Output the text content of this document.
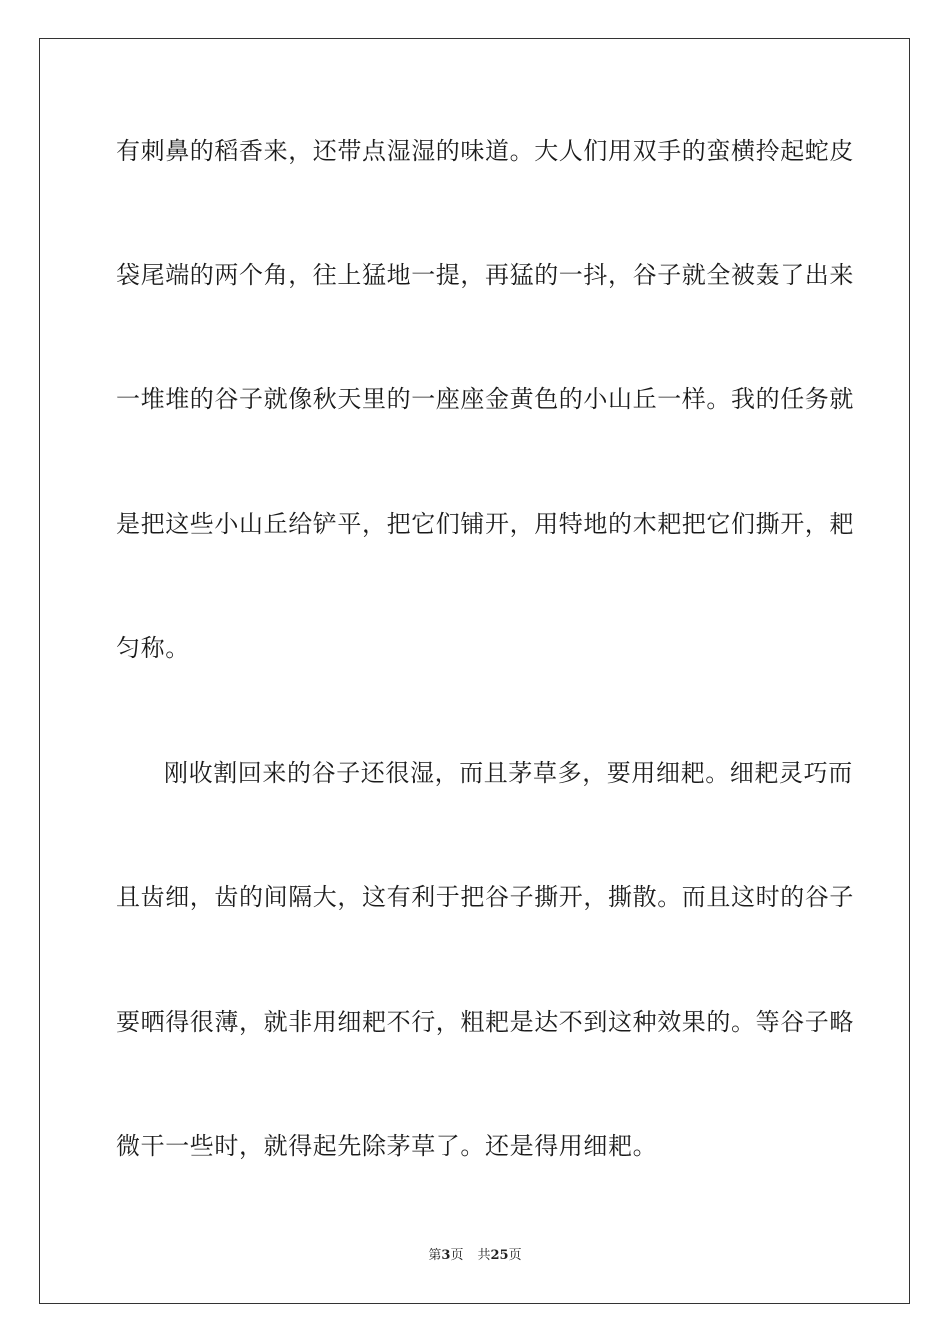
有刺鼻的稻香来，还带点湿湿的味道。大人们用双手的蛮横拎起蛇皮
袋尾端的两个角，往上猛地一提，再猛的一抖，谷子就全被轰了出来
一堆堆的谷子就像秋天里的一座座金黄色的小山丘一样。我的任务就
是把这些小山丘给铲平，把它们铺开，用特地的木耙把它们撕开，耙
匀称。
刚收割回来的谷子还很湿，而且茅草多，要用细耙。细耙灵巧而
且齿细，齿的间隔大，这有利于把谷子撕开，撕散。而且这时的谷子
要晒得很薄，就非用细耙不行，粗耙是达不到这种效果的。等谷子略
微干一些时，就得起先除茅草了。还是得用细耙。
第3页 共25页
